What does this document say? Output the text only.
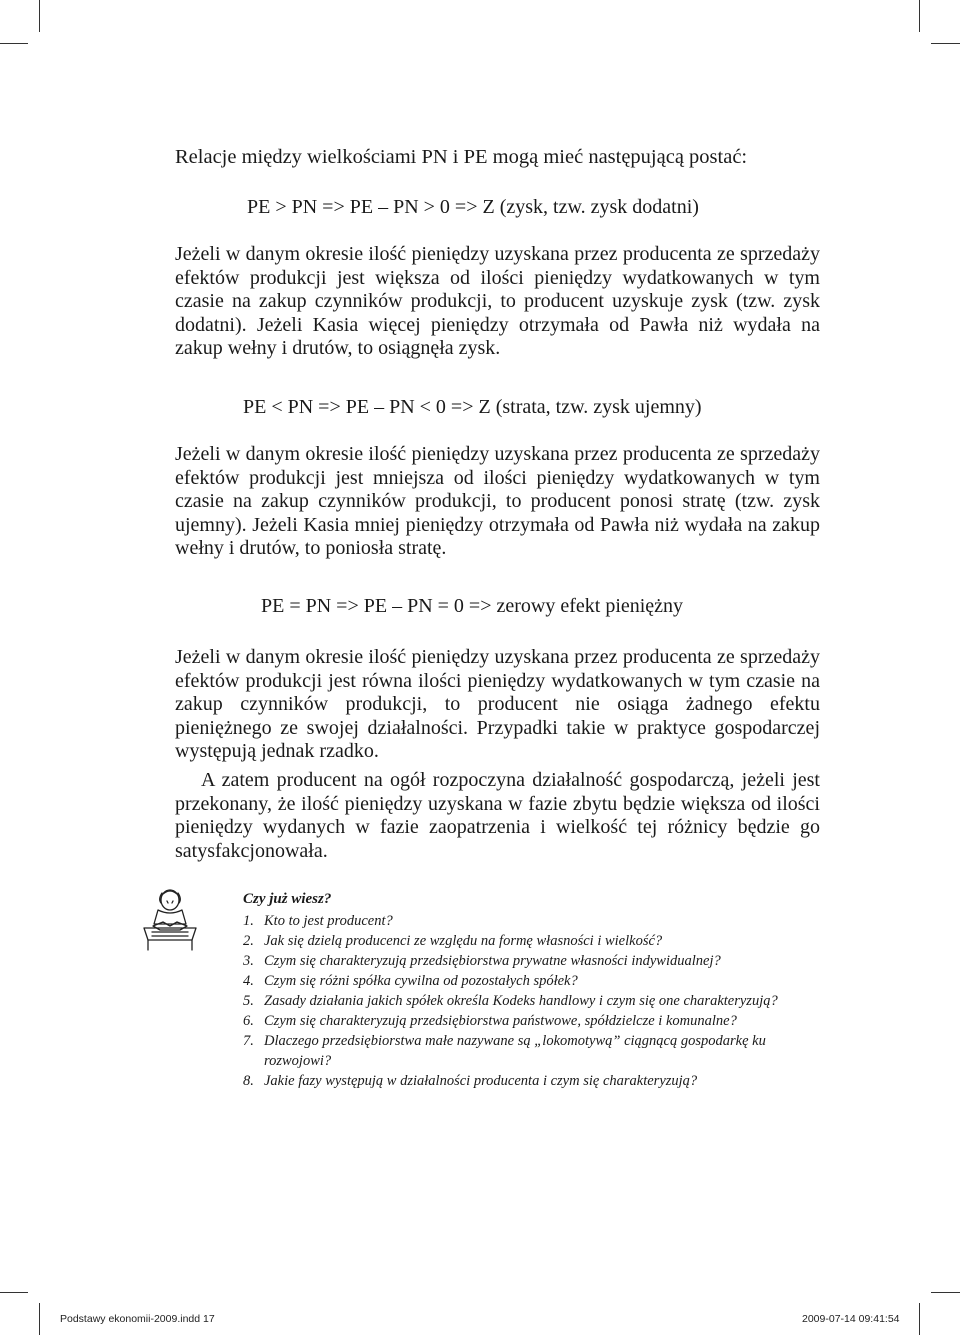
Relacje między wielkościami PN i PE mogą mieć następującą postać:
PE > PN => PE – PN > 0 => Z (zysk, tzw. zysk dodatni)

Jeżeli w danym okresie ilość pieniędzy uzyskana przez producenta ze sprzedaży efektów produkcji jest większa od ilości pieniędzy wydatkowanych w tym czasie na zakup czynników produkcji, to producent uzyskuje zysk (tzw. zysk dodatni). Jeżeli Kasia więcej pieniędzy otrzymała od Pawła niż wydała na zakup wełny i drutów, to osiągnęła zysk.

PE < PN => PE – PN < 0 => Z (strata, tzw. zysk ujemny)

Jeżeli w danym okresie ilość pieniędzy uzyskana przez producenta ze sprzedaży efektów produkcji jest mniejsza od ilości pieniędzy wydatkowanych w tym czasie na zakup czynników produkcji, to producent ponosi stratę (tzw. zysk ujemny). Jeżeli Kasia mniej pieniędzy otrzymała od Pawła niż wydała na zakup wełny i drutów, to poniosła stratę.

PE = PN => PE – PN = 0 => zerowy efekt pieniężny

Jeżeli w danym okresie ilość pieniędzy uzyskana przez producenta ze sprzedaży efektów produkcji jest równa ilości pieniędzy wydatkowanych w tym czasie na zakup czynników produkcji, to producent nie osiąga żadnego efektu pieniężnego ze swojej działalności. Przypadki takie w praktyce gospodarczej występują jednak rzadko.

A zatem producent na ogół rozpoczyna działalność gospodarczą, jeżeli jest przekonany, że ilość pieniędzy uzyskana w fazie zbytu będzie większa od ilości pieniędzy wydanych w fazie zaopatrzenia i wielkość tej różnicy będzie go satysfakcjonowała.

Czy już wiesz?
1. Kto to jest producent?
2. Jak się dzielą producenci ze względu na formę własności i wielkość?
3. Czym się charakteryzują przedsiębiorstwa prywatne własności indywidualnej?
4. Czym się różni spółka cywilna od pozostałych spółek?
5. Zasady działania jakich spółek określa Kodeks handlowy i czym się one charakteryzują?
6. Czym się charakteryzują przedsiębiorstwa państwowe, spółdzielcze i komunalne?
7. Dlaczego przedsiębiorstwa małe nazywane są „lokomotywą” ciągnącą gospodarkę ku rozwojowi?
8. Jakie fazy występują w działalności producenta i czym się charakteryzują?
Podstawy ekonomii-2009.indd 17	2009-07-14 09:41:54
